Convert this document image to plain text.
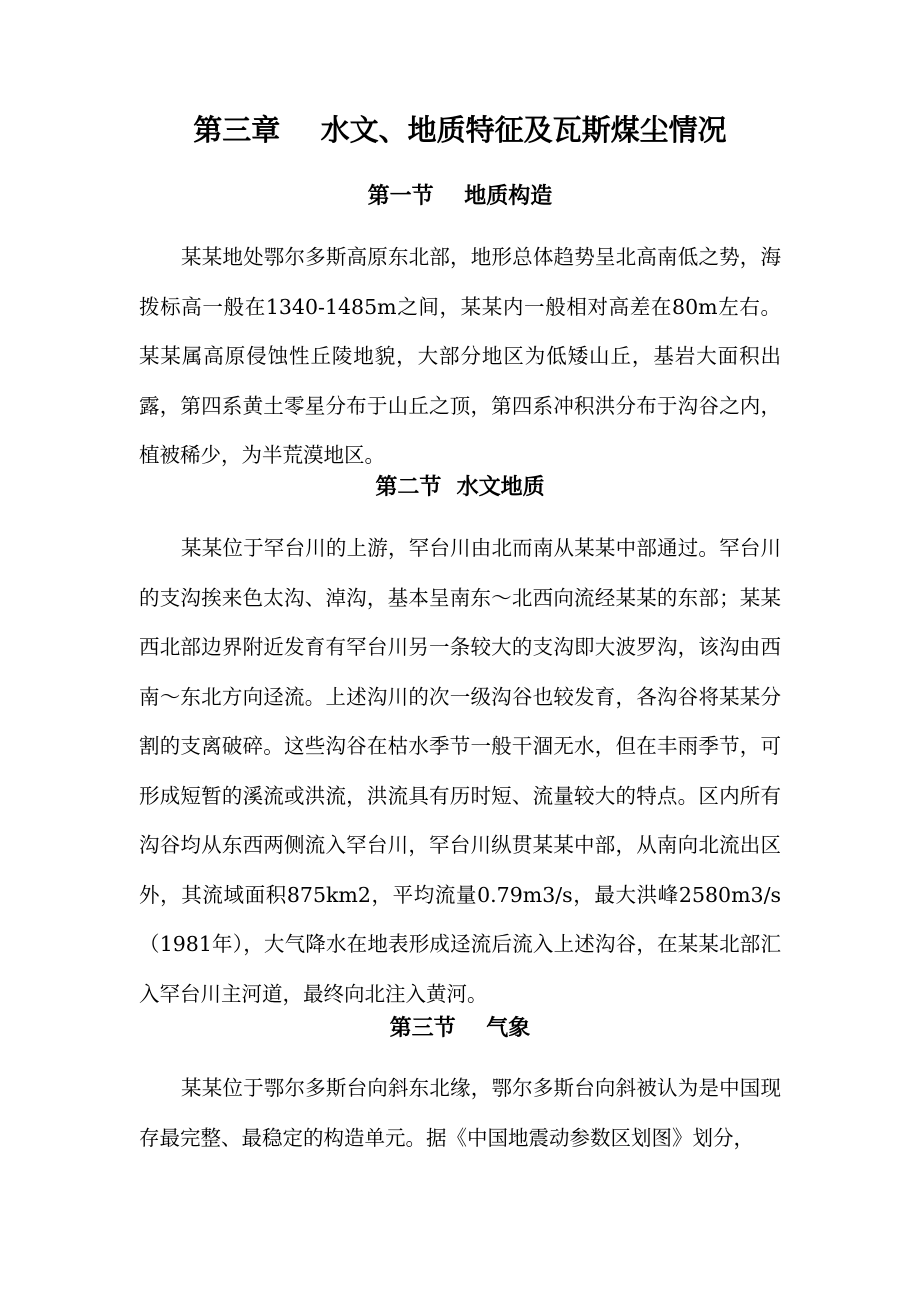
第三章    水文、地质特征及瓦斯煤尘情况
第一节    地质构造

某某地处鄂尔多斯高原东北部，地形总体趋势呈北高南低之势，海拨标高一般在1340-1485m之间，某某内一般相对高差在80m左右。某某属高原侵蚀性丘陵地貌，大部分地区为低矮山丘，基岩大面积出露，第四系黄土零星分布于山丘之顶，第四系冲积洪分布于沟谷之内，植被稀少，为半荒漠地区。

第二节  水文地质

某某位于罕台川的上游，罕台川由北而南从某某中部通过。罕台川的支沟挨来色太沟、淖沟，基本呈南东～北西向流经某某的东部；某某西北部边界附近发育有罕台川另一条较大的支沟即大波罗沟，该沟由西南～东北方向迳流。上述沟川的次一级沟谷也较发育，各沟谷将某某分割的支离破碎。这些沟谷在枯水季节一般干涸无水，但在丰雨季节，可形成短暂的溪流或洪流，洪流具有历时短、流量较大的特点。区内所有沟谷均从东西两侧流入罕台川，罕台川纵贯某某中部，从南向北流出区外，其流域面积875km2，平均流量0.79m3/s，最大洪峰2580m3/s（1981年），大气降水在地表形成迳流后流入上述沟谷，在某某北部汇入罕台川主河道，最终向北注入黄河。

第三节    气象

某某位于鄂尔多斯台向斜东北缘，鄂尔多斯台向斜被认为是中国现存最完整、最稳定的构造单元。据《中国地震动参数区划图》划分，
